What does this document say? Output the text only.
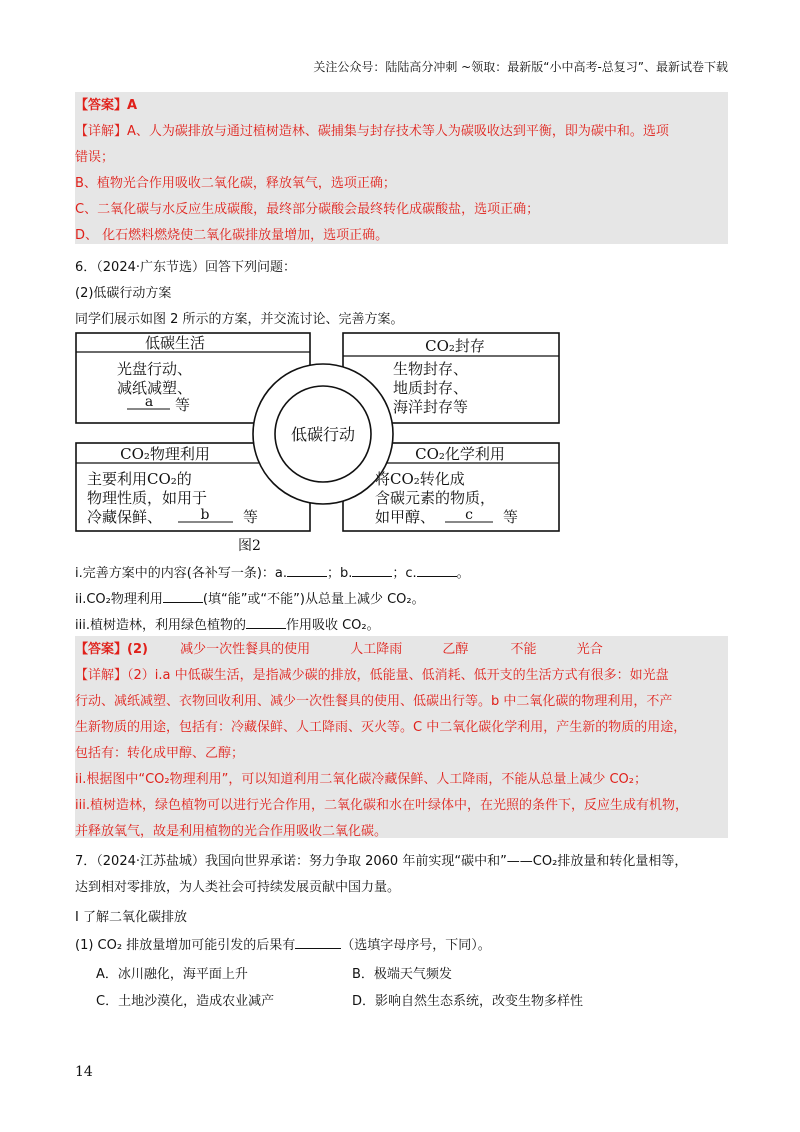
关注公众号：陆陆高分冲刺 ~领取：最新版“小中高考-总复习”、最新试卷下载
【答案】A
【详解】A、人为碳排放与通过植树造林、碳捕集与封存技术等人为碳吸收达到平衡，即为碳中和。选项
错误；
B、植物光合作用吸收二氧化碳，释放氧气，选项正确；
C、二氧化碳与水反应生成碳酸，最终部分碳酸会最终转化成碳酸盐，选项正确；
D、 化石燃料燃烧使二氧化碳排放量增加，选项正确。
6．（2024·广东节选）回答下列问题：
(2)低碳行动方案
同学们展示如图 2 所示的方案，并交流讨论、完善方案。
低碳行动
低碳生活
光盘行动、
减纸减塑、
a 等
CO₂封存
生物封存、
地质封存、
海洋封存等
CO₂物理利用
主要利用CO₂的
物理性质，如用于
冷藏保鲜、	b 等
CO₂化学利用
将CO₂转化成
含碳元素的物质，
如甲醇、 c 等
图2
i.完善方案中的内容(各补写一条)：a.	；b.	；c.	。
ii.CO₂物理利用	(填“能”或“不能”)从总量上减少 CO₂。
iii.植树造林，利用绿色植物的	作用吸收 CO₂。
【答案】(2) 减少一次性餐具的使用	人工降雨	乙醇	不能	光合
【详解】（2）i.a 中低碳生活，是指减少碳的排放，低能量、低消耗、低开支的生活方式有很多：如光盘
行动、减纸减塑、衣物回收利用、减少一次性餐具的使用、低碳出行等。b 中二氧化碳的物理利用，不产
生新物质的用途，包括有：冷藏保鲜、人工降雨、灭火等。C 中二氧化碳化学利用，产生新的物质的用途，
包括有：转化成甲醇、乙醇；
ii.根据图中“CO₂物理利用”，可以知道利用二氧化碳冷藏保鲜、人工降雨，不能从总量上减少 CO₂；
iii.植树造林，绿色植物可以进行光合作用，二氧化碳和水在叶绿体中，在光照的条件下，反应生成有机物，
并释放氧气，故是利用植物的光合作用吸收二氧化碳。
7．（2024·江苏盐城）我国向世界承诺：努力争取 2060 年前实现“碳中和”——CO₂排放量和转化量相等，
达到相对零排放，为人类社会可持续发展贡献中国力量。
Ⅰ 了解二氧化碳排放
(1) CO₂ 排放量增加可能引发的后果有	（选填字母序号，下同）。
A．冰川融化，海平面上升	B．极端天气频发
C．土地沙漠化，造成农业减产	D．影响自然生态系统，改变生物多样性
14
